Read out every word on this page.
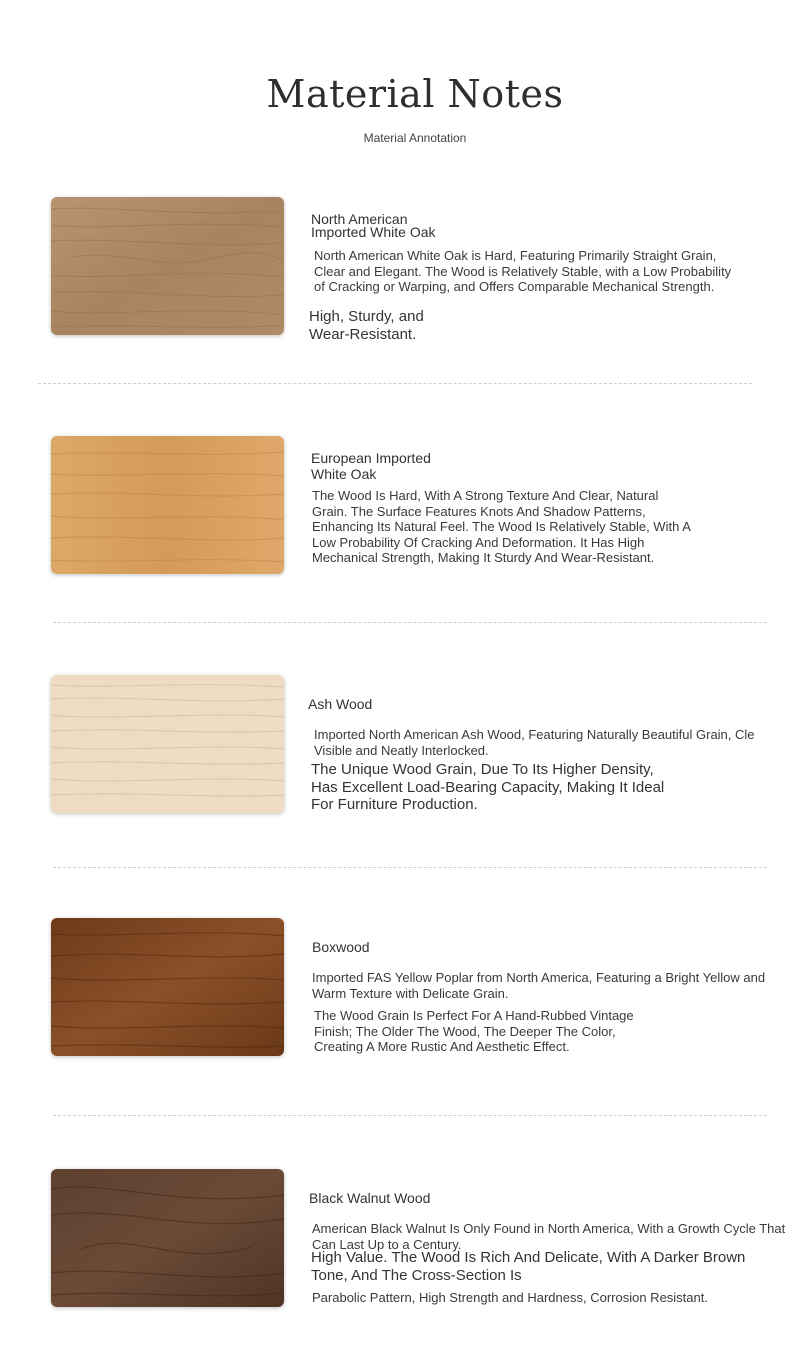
Material Notes
Material Annotation
North American
Imported White Oak
North American White Oak is Hard, Featuring Primarily Straight Grain, Clear and Elegant. The Wood is Relatively Stable, with a Low Probability of Cracking or Warping, and Offers Comparable Mechanical Strength.
High, Sturdy, and Wear-Resistant.
European Imported
White Oak
The Wood Is Hard, With A Strong Texture And Clear, Natural Grain. The Surface Features Knots And Shadow Patterns, Enhancing Its Natural Feel. The Wood Is Relatively Stable, With A Low Probability Of Cracking And Deformation. It Has High Mechanical Strength, Making It Sturdy And Wear-Resistant.
Ash Wood
Imported North American Ash Wood, Featuring Naturally Beautiful Grain, Cle Visible and Neatly Interlocked.
The Unique Wood Grain, Due To Its Higher Density, Has Excellent Load-Bearing Capacity, Making It Ideal For Furniture Production.
Boxwood
Imported FAS Yellow Poplar from North America, Featuring a Bright Yellow and Warm Texture with Delicate Grain.
The Wood Grain Is Perfect For A Hand-Rubbed Vintage Finish; The Older The Wood, The Deeper The Color, Creating A More Rustic And Aesthetic Effect.
Black Walnut Wood
American Black Walnut Is Only Found in North America, With a Growth Cycle That Can Last Up to a Century.
High Value. The Wood Is Rich And Delicate, With A Darker Brown Tone, And The Cross-Section Is
Parabolic Pattern, High Strength and Hardness, Corrosion Resistant.
